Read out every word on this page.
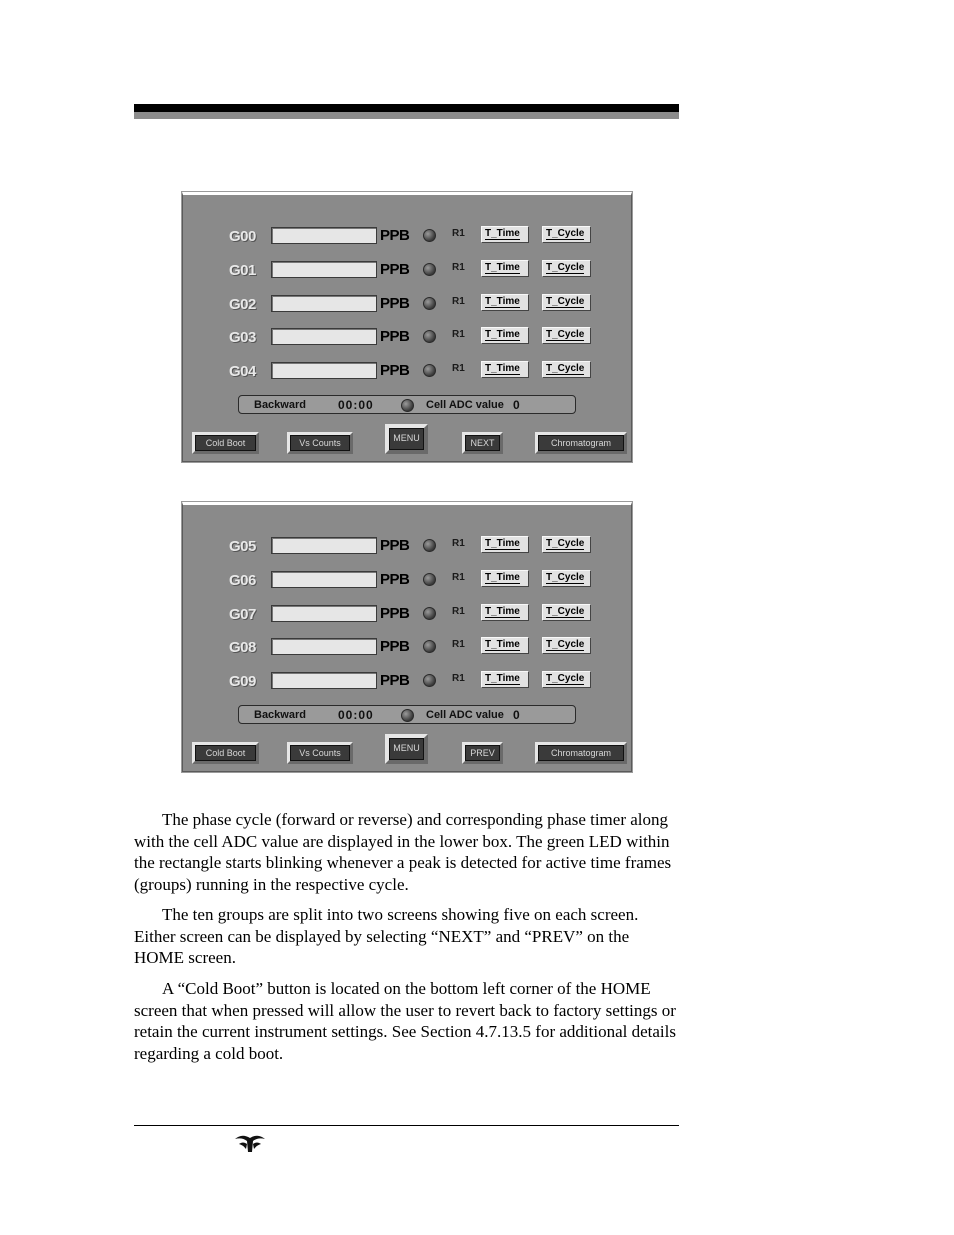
G00	PPB	R1	T_Time	T_Cycle
G01	PPB	R1	T_Time	T_Cycle
G02	PPB	R1	T_Time	T_Cycle
G03	PPB	R1	T_Time	T_Cycle
G04	PPB	R1	T_Time	T_Cycle
Backward	00:00	Cell ADC value 0
Cold Boot	Vs Counts	MENU	NEXT	Chromatogram
G05	PPB	R1	T_Time	T_Cycle
G06	PPB	R1	T_Time	T_Cycle
G07	PPB	R1	T_Time	T_Cycle
G08	PPB	R1	T_Time	T_Cycle
G09	PPB	R1	T_Time	T_Cycle
Backward	00:00	Cell ADC value 0
Cold Boot	Vs Counts	MENU	PREV	Chromatogram

The phase cycle (forward or reverse) and corresponding phase timer along with the cell ADC value are displayed in the lower box. The green LED within the rectangle starts blinking whenever a peak is detected for active time frames (groups) running in the respective cycle.

The ten groups are split into two screens showing five on each screen. Either screen can be displayed by selecting “NEXT” and “PREV” on the HOME screen.

A “Cold Boot” button is located on the bottom left corner of the HOME screen that when pressed will allow the user to revert back to factory settings or retain the current instrument settings. See Section 4.7.13.5 for additional details regarding a cold boot.
